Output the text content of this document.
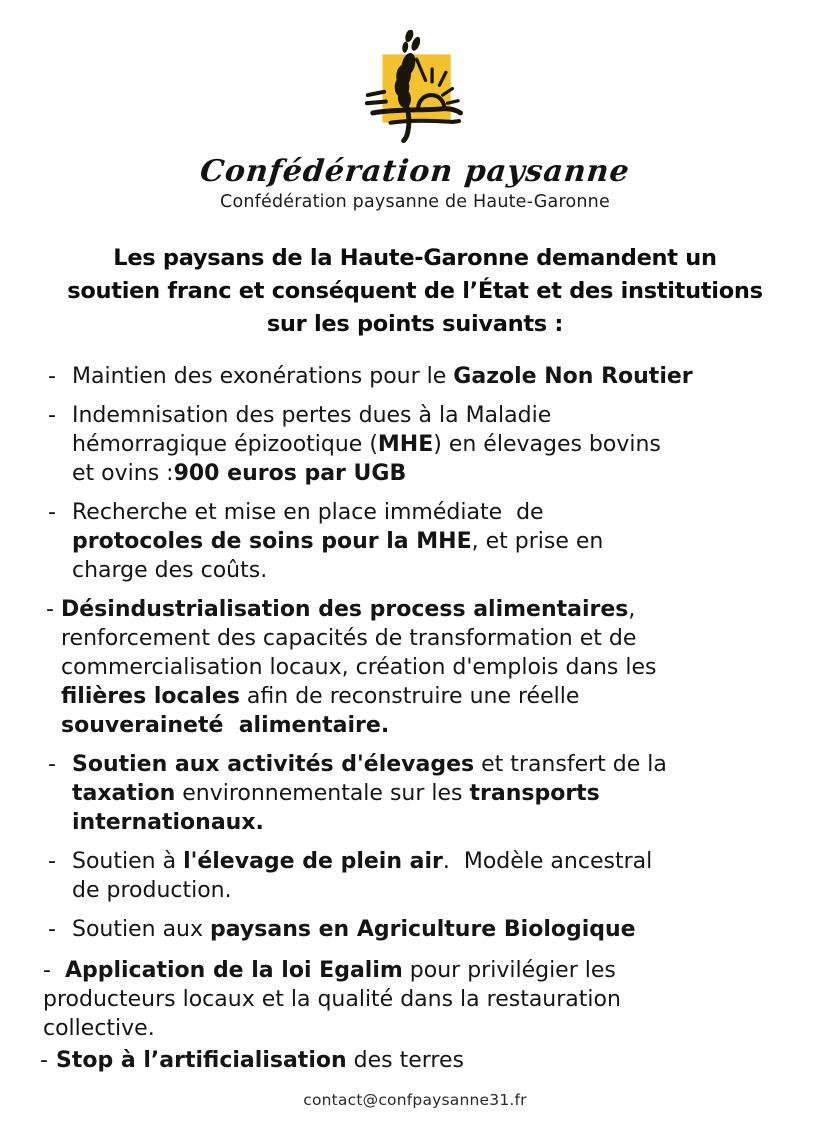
Confédération paysanne
Confédération paysanne de Haute-Garonne
Les paysans de la Haute-Garonne demandent un
soutien franc et conséquent de l’État et des institutions
sur les points suivants :
- Maintien des exonérations pour le Gazole Non Routier
- Indemnisation des pertes dues à la Maladie
hémorragique épizootique (MHE) en élevages bovins
et ovins :900 euros par UGB
- Recherche et mise en place immédiate  de
protocoles de soins pour la MHE, et prise en
charge des coûts.
- Désindustrialisation des process alimentaires,
renforcement des capacités de transformation et de
commercialisation locaux, création d'emplois dans les
filières locales afin de reconstruire une réelle
souveraineté  alimentaire.
- Soutien aux activités d'élevages et transfert de la
taxation environnementale sur les transports
internationaux.
- Soutien à l'élevage de plein air.  Modèle ancestral
de production.
- Soutien aux paysans en Agriculture Biologique
- Application de la loi Egalim pour privilégier les
producteurs locaux et la qualité dans la restauration
collective.
- Stop à l’artificialisation des terres
contact@confpaysanne31.fr
